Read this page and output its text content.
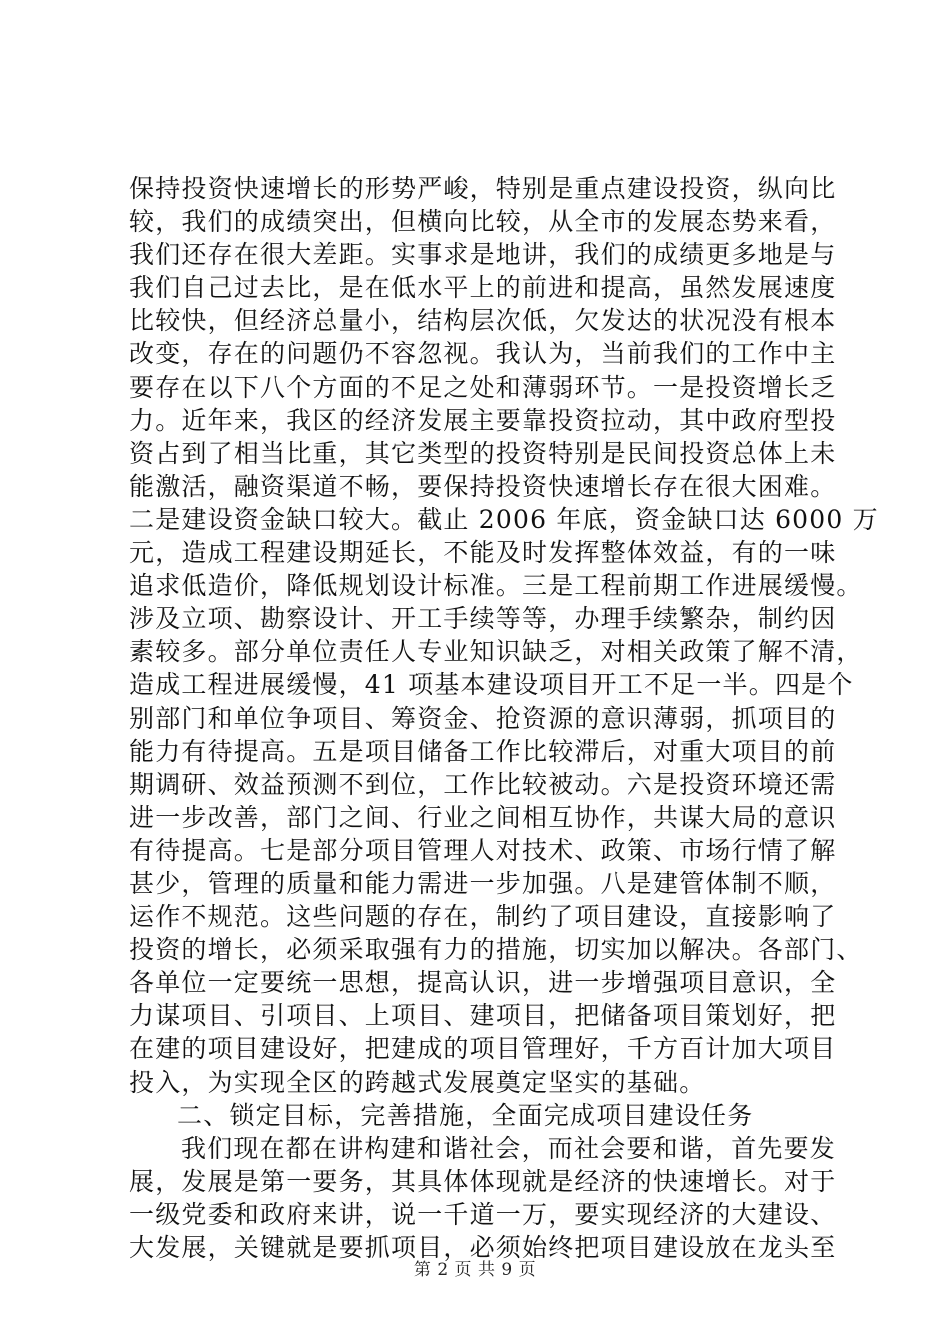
保持投资快速增长的形势严峻，特别是重点建设投资，纵向比
较，我们的成绩突出，但横向比较，从全市的发展态势来看，
我们还存在很大差距。实事求是地讲，我们的成绩更多地是与
我们自己过去比，是在低水平上的前进和提高，虽然发展速度
比较快，但经济总量小，结构层次低，欠发达的状况没有根本
改变，存在的问题仍不容忽视。我认为，当前我们的工作中主
要存在以下八个方面的不足之处和薄弱环节。一是投资增长乏
力。近年来，我区的经济发展主要靠投资拉动，其中政府型投
资占到了相当比重，其它类型的投资特别是民间投资总体上未
能激活，融资渠道不畅，要保持投资快速增长存在很大困难。
二是建设资金缺口较大。截止 2006 年底，资金缺口达 6000 万
元，造成工程建设期延长，不能及时发挥整体效益，有的一味
追求低造价，降低规划设计标准。三是工程前期工作进展缓慢。
涉及立项、勘察设计、开工手续等等，办理手续繁杂，制约因
素较多。部分单位责任人专业知识缺乏，对相关政策了解不清，
造成工程进展缓慢，41 项基本建设项目开工不足一半。四是个
别部门和单位争项目、筹资金、抢资源的意识薄弱，抓项目的
能力有待提高。五是项目储备工作比较滞后，对重大项目的前
期调研、效益预测不到位，工作比较被动。六是投资环境还需
进一步改善，部门之间、行业之间相互协作，共谋大局的意识
有待提高。七是部分项目管理人对技术、政策、市场行情了解
甚少，管理的质量和能力需进一步加强。八是建管体制不顺，
运作不规范。这些问题的存在，制约了项目建设，直接影响了
投资的增长，必须采取强有力的措施，切实加以解决。各部门、
各单位一定要统一思想，提高认识，进一步增强项目意识，全
力谋项目、引项目、上项目、建项目，把储备项目策划好，把
在建的项目建设好，把建成的项目管理好，千方百计加大项目
投入，为实现全区的跨越式发展奠定坚实的基础。
二、锁定目标，完善措施，全面完成项目建设任务
我们现在都在讲构建和谐社会，而社会要和谐，首先要发
展，发展是第一要务，其具体体现就是经济的快速增长。对于
一级党委和政府来讲，说一千道一万，要实现经济的大建设、
大发展，关键就是要抓项目，必须始终把项目建设放在龙头至
第 2 页 共 9 页
